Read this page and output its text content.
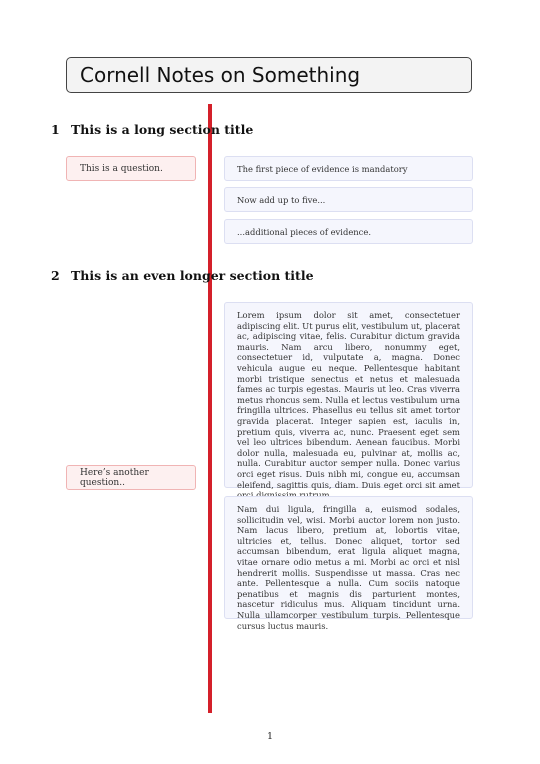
Cornell Notes on Something
1 This is a long section title
This is a question.	The first piece of evidence is mandatory
Now add up to five...
...additional pieces of evidence.
2 This is an even longer section title
Here’s another question..
Lorem ipsum dolor sit amet, consectetuer adipiscing elit. Ut purus elit, vestibulum ut, placerat ac, adipiscing vitae, felis. Curabitur dictum gravida mauris. Nam arcu libero, nonummy eget, consectetuer id, vulputate a, magna. Donec vehicula augue eu neque. Pellentesque habitant morbi tristique senectus et netus et malesuada fames ac turpis egestas. Mauris ut leo. Cras viverra metus rhoncus sem. Nulla et lectus vestibulum urna fringilla ultrices. Phasellus eu tellus sit amet tortor gravida placerat. Integer sapien est, iaculis in, pretium quis, viverra ac, nunc. Praesent eget sem vel leo ultrices bibendum. Aenean faucibus. Morbi dolor nulla, malesuada eu, pulvinar at, mollis ac, nulla. Curabitur auctor semper nulla. Donec varius orci eget risus. Duis nibh mi, congue eu, accumsan eleifend, sagittis quis, diam. Duis eget orci sit amet
Nam dui ligula, fringilla a, euismod sodales, sollicitudin vel, wisi. Morbi auctor lorem non justo. Nam lacus libero, pretium at, lobortis vitae, ultricies et, tellus. Donec aliquet, tortor sed accumsan bibendum, erat ligula aliquet magna, vitae ornare odio metus a mi. Morbi ac orci et nisl hendrerit mollis. Suspendisse ut massa. Cras nec ante. Pellentesque a nulla. Cum sociis natoque penatibus et magnis dis parturient montes, nascetur ridiculus mus. Aliquam tincidunt urna. Nulla ullamcorper vestibulum turpis. Pellentesque cursus luctus mauris.
1
